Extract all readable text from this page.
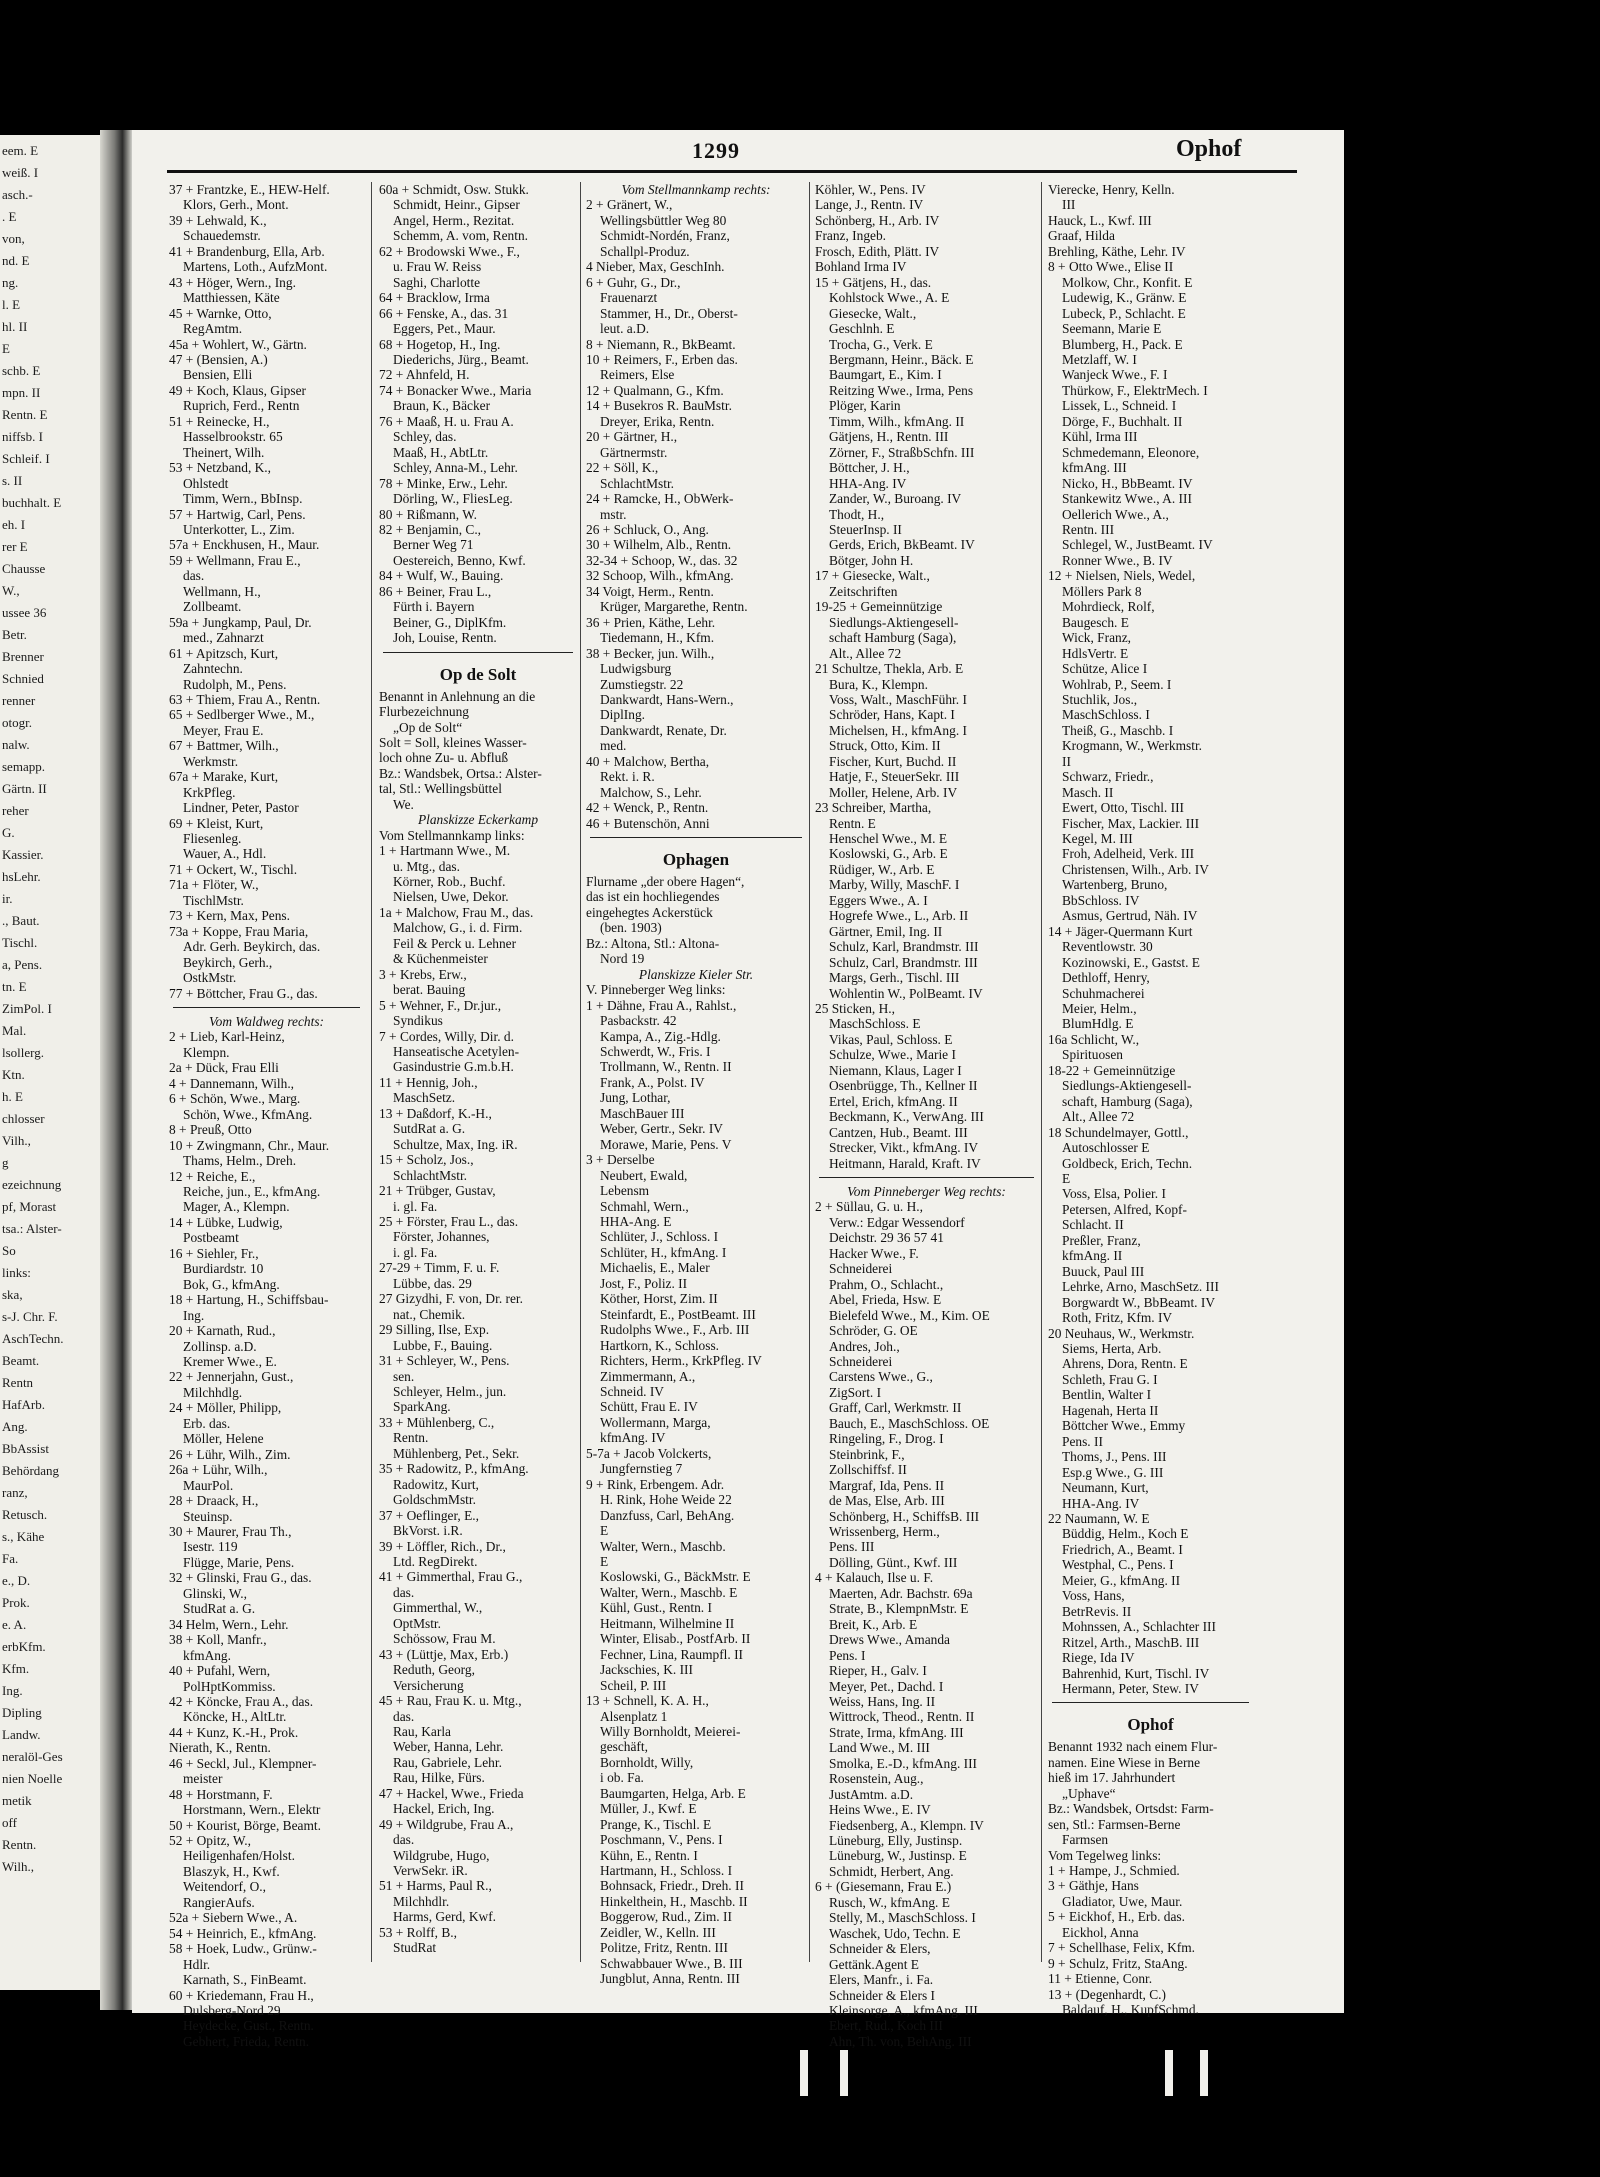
eem. E
weiß. I
asch.-
. E
von,
nd. E
ng.
l. E
hl. II
E
schb. E
mpn. II
Rentn. E
niffsb. I
Schleif. I
s. II
buchhalt. E
eh. I
rer E
Chausse
W.,
ussee 36
Betr.
Brenner
Schnied
renner
otogr.
nalw.
semapp.
Gärtn. II
reher
G.
Kassier.
hsLehr.
ir.
., Baut.
Tischl.
a, Pens.
tn. E
ZimPol. I
Mal.
lsollerg.
Ktn.
h. E
chlosser
Vilh.,
g
ezeichnung
pf, Morast
tsa.: Alster-
So
links:
ska,
s-J. Chr. F.
AschTechn.
Beamt.
Rentn
HafArb.
Ang.
BbAssist
Behördang
ranz,
Retusch.
s., Kähe
Fa.
e., D.
Prok.
e. A.
erbKfm.
Kfm.
Ing.
Dipling
Landw.
neralöl-Ges
nien Noelle
metik
off
Rentn.
Wilh.,
1299	Ophof
37 + Frantzke, E., HEW-Helf.
Klors, Gerh., Mont.
39 + Lehwald, K.,
Schauedemstr.
41 + Brandenburg, Ella, Arb.
Martens, Loth., AufzMont.
43 + Höger, Wern., Ing.
Matthiessen, Käte
45 + Warnke, Otto,
RegAmtm.
45a + Wohlert, W., Gärtn.
47 + (Bensien, A.)
Bensien, Elli
49 + Koch, Klaus, Gipser
Ruprich, Ferd., Rentn
51 + Reinecke, H.,
Hasselbrookstr. 65
Theinert, Wilh.
53 + Netzband, K.,
Ohlstedt
Timm, Wern., BbInsp.
57 + Hartwig, Carl, Pens.
Unterkotter, L., Zim.
57a + Enckhusen, H., Maur.
59 + Wellmann, Frau E.,
das.
Wellmann, H.,
Zollbeamt.
59a + Jungkamp, Paul, Dr.
med., Zahnarzt
61 + Apitzsch, Kurt,
Zahntechn.
Rudolph, M., Pens.
63 + Thiem, Frau A., Rentn.
65 + Sedlberger Wwe., M.,
Meyer, Frau E.
67 + Battmer, Wilh.,
Werkmstr.
67a + Marake, Kurt,
KrkPfleg.
Lindner, Peter, Pastor
69 + Kleist, Kurt,
Fliesenleg.
Wauer, A., Hdl.
71 + Ockert, W., Tischl.
71a + Flöter, W.,
TischlMstr.
73 + Kern, Max, Pens.
73a + Koppe, Frau Maria,
Adr. Gerh. Beykirch, das.
Beykirch, Gerh.,
OstkMstr.
77 + Böttcher, Frau G., das.
Vom Waldweg rechts:
2 + Lieb, Karl-Heinz,
Klempn.
2a + Dück, Frau Elli
4 + Dannemann, Wilh.,
6 + Schön, Wwe., Marg.
Schön, Wwe., KfmAng.
8 + Preuß, Otto
10 + Zwingmann, Chr., Maur.
Thams, Helm., Dreh.
12 + Reiche, E.,
Reiche, jun., E., kfmAng.
Mager, A., Klempn.
14 + Lübke, Ludwig,
Postbeamt
16 + Siehler, Fr.,
Burdiardstr. 10
Bok, G., kfmAng.
18 + Hartung, H., Schiffsbau-
Ing.
20 + Karnath, Rud.,
Zollinsp. a.D.
Kremer Wwe., E.
22 + Jennerjahn, Gust.,
Milchhdlg.
24 + Möller, Philipp,
Erb. das.
Möller, Helene
26 + Lühr, Wilh., Zim.
26a + Lühr, Wilh.,
MaurPol.
28 + Draack, H.,
Steuinsp.
30 + Maurer, Frau Th.,
Isestr. 119
Flügge, Marie, Pens.
32 + Glinski, Frau G., das.
Glinski, W.,
StudRat a. G.
34 Helm, Wern., Lehr.
38 + Koll, Manfr.,
kfmAng.
40 + Pufahl, Wern,
PolHptKommiss.
42 + Köncke, Frau A., das.
Köncke, H., AltLtr.
44 + Kunz, K.-H., Prok.
Nierath, K., Rentn.
46 + Seckl, Jul., Klempner-
meister
48 + Horstmann, F.
Horstmann, Wern., Elektr
50 + Kourist, Börge, Beamt.
52 + Opitz, W.,
Heiligenhafen/Holst.
Blaszyk, H., Kwf.
Weitendorf, O.,
RangierAufs.
52a + Siebern Wwe., A.
54 + Heinrich, E., kfmAng.
58 + Hoek, Ludw., Grünw.-
Hdlr.
Karnath, S., FinBeamt.
60 + Kriedemann, Frau H.,
Dulsberg-Nord 29
Heydecke, Gust., Rentn.
Gebhert, Frieda, Rentn.
60a + Schmidt, Osw. Stukk.
Schmidt, Heinr., Gipser
Angel, Herm., Rezitat.
Schemm, A. vom, Rentn.
62 + Brodowski Wwe., F.,
u. Frau W. Reiss
Saghi, Charlotte
64 + Bracklow, Irma
66 + Fenske, A., das. 31
Eggers, Pet., Maur.
68 + Hogetop, H., Ing.
Diederichs, Jürg., Beamt.
72 + Ahnfeld, H.
74 + Bonacker Wwe., Maria
Braun, K., Bäcker
76 + Maaß, H. u. Frau A.
Schley, das.
Maaß, H., AbtLtr.
Schley, Anna-M., Lehr.
78 + Minke, Erw., Lehr.
Dörling, W., FliesLeg.
80 + Rißmann, W.
82 + Benjamin, C.,
Berner Weg 71
Oestereich, Benno, Kwf.
84 + Wulf, W., Bauing.
86 + Beiner, Frau L.,
Fürth i. Bayern
Beiner, G., DiplKfm.
Joh, Louise, Rentn.
Op de Solt
Benannt in Anlehnung an die
Flurbezeichnung
„Op de Solt“
Solt = Soll, kleines Wasser-
loch ohne Zu- u. Abfluß
Bz.: Wandsbek, Ortsa.: Alster-
tal, Stl.: Wellingsbüttel
We.
Planskizze Eckerkamp
Vom Stellmannkamp links:
1 + Hartmann Wwe., M.
u. Mtg., das.
Körner, Rob., Buchf.
Nielsen, Uwe, Dekor.
1a + Malchow, Frau M., das.
Malchow, G., i. d. Firm.
Feil & Perck u. Lehner
& Küchenmeister
3 + Krebs, Erw.,
berat. Bauing
5 + Wehner, F., Dr.jur.,
Syndikus
7 + Cordes, Willy, Dir. d.
Hanseatische Acetylen-
Gasindustrie G.m.b.H.
11 + Hennig, Joh.,
MaschSetz.
13 + Daßdorf, K.-H.,
SutdRat a. G.
Schultze, Max, Ing. iR.
15 + Scholz, Jos.,
SchlachtMstr.
21 + Trübger, Gustav,
i. gl. Fa.
25 + Förster, Frau L., das.
Förster, Johannes,
i. gl. Fa.
27-29 + Timm, F. u. F.
Lübbe, das. 29
27 Gizydhi, F. von, Dr. rer.
nat., Chemik.
29 Silling, Ilse, Exp.
Lubbe, F., Bauing.
31 + Schleyer, W., Pens.
sen.
Schleyer, Helm., jun.
SparkAng.
33 + Mühlenberg, C.,
Rentn.
Mühlenberg, Pet., Sekr.
35 + Radowitz, P., kfmAng.
Radowitz, Kurt,
GoldschmMstr.
37 + Oeflinger, E.,
BkVorst. i.R.
39 + Löffler, Rich., Dr.,
Ltd. RegDirekt.
41 + Gimmerthal, Frau G.,
das.
Gimmerthal, W.,
OptMstr.
Schössow, Frau M.
43 + (Lüttje, Max, Erb.)
Reduth, Georg,
Versicherung
45 + Rau, Frau K. u. Mtg.,
das.
Rau, Karla
Weber, Hanna, Lehr.
Rau, Gabriele, Lehr.
Rau, Hilke, Fürs.
47 + Hackel, Wwe., Frieda
Hackel, Erich, Ing.
49 + Wildgrube, Frau A.,
das.
Wildgrube, Hugo,
VerwSekr. iR.
51 + Harms, Paul R.,
Milchhdlr.
Harms, Gerd, Kwf.
53 + Rolff, B.,
StudRat
Vom Stellmannkamp rechts:
2 + Gränert, W.,
Wellingsbüttler Weg 80
Schmidt-Nordén, Franz,
Schallpl-Produz.
4 Nieber, Max, GeschInh.
6 + Guhr, G., Dr.,
Frauenarzt
Stammer, H., Dr., Oberst-
leut. a.D.
8 + Niemann, R., BkBeamt.
10 + Reimers, F., Erben das.
Reimers, Else
12 + Qualmann, G., Kfm.
14 + Busekros R. BauMstr.
Dreyer, Erika, Rentn.
20 + Gärtner, H.,
Gärtnermstr.
22 + Söll, K.,
SchlachtMstr.
24 + Ramcke, H., ObWerk-
mstr.
26 + Schluck, O., Ang.
30 + Wilhelm, Alb., Rentn.
32-34 + Schoop, W., das. 32
32 Schoop, Wilh., kfmAng.
34 Voigt, Herm., Rentn.
Krüger, Margarethe, Rentn.
36 + Prien, Käthe, Lehr.
Tiedemann, H., Kfm.
38 + Becker, jun. Wilh.,
Ludwigsburg
Zumstiegstr. 22
Dankwardt, Hans-Wern.,
DiplIng.
Dankwardt, Renate, Dr.
med.
40 + Malchow, Bertha,
Rekt. i. R.
Malchow, S., Lehr.
42 + Wenck, P., Rentn.
46 + Butenschön, Anni
Ophagen
Flurname „der obere Hagen“,
das ist ein hochliegendes
eingehegtes Ackerstück
(ben. 1903)
Bz.: Altona, Stl.: Altona-
Nord 19
Planskizze Kieler Str.
V. Pinneberger Weg links:
1 + Dähne, Frau A., Rahlst.,
Pasbackstr. 42
Kampa, A., Zig.-Hdlg.
Schwerdt, W., Fris. I
Trollmann, W., Rentn. II
Frank, A., Polst. IV
Jung, Lothar,
MaschBauer III
Weber, Gertr., Sekr. IV
Morawe, Marie, Pens. V
3 + Derselbe
Neubert, Ewald,
Lebensm
Schmahl, Wern.,
HHA-Ang. E
Schlüter, J., Schloss. I
Schlüter, H., kfmAng. I
Michaelis, E., Maler
Jost, F., Poliz. II
Köther, Horst, Zim. II
Steinfardt, E., PostBeamt. III
Rudolphs Wwe., F., Arb. III
Hartkorn, K., Schloss.
Richters, Herm., KrkPfleg. IV
Zimmermann, A.,
Schneid. IV
Schütt, Frau E. IV
Wollermann, Marga,
kfmAng. IV
5-7a + Jacob Volckerts,
Jungfernstieg 7
9 + Rink, Erbengem. Adr.
H. Rink, Hohe Weide 22
Danzfuss, Carl, BehAng.
E
Walter, Wern., Maschb.
E
Koslowski, G., BäckMstr. E
Walter, Wern., Maschb. E
Kühl, Gust., Rentn. I
Heitmann, Wilhelmine II
Winter, Elisab., PostfArb. II
Fechner, Lina, Raumpfl. II
Jackschies, K. III
Scheil, P. III
13 + Schnell, K. A. H.,
Alsenplatz 1
Willy Bornholdt, Meierei-
geschäft,
Bornholdt, Willy,
i ob. Fa.
Baumgarten, Helga, Arb. E
Müller, J., Kwf. E
Prange, K., Tischl. E
Poschmann, V., Pens. I
Kühn, E., Rentn. I
Hartmann, H., Schloss. I
Bohnsack, Friedr., Dreh. II
Hinkelthein, H., Maschb. II
Boggerow, Rud., Zim. II
Zeidler, W., Kelln. III
Politze, Fritz, Rentn. III
Schwabbauer Wwe., B. III
Jungblut, Anna, Rentn. III
Köhler, W., Pens. IV
Lange, J., Rentn. IV
Schönberg, H., Arb. IV
Franz, Ingeb.
Frosch, Edith, Plätt. IV
Bohland Irma IV
15 + Gätjens, H., das.
Kohlstock Wwe., A. E
Giesecke, Walt.,
Geschlnh. E
Trocha, G., Verk. E
Bergmann, Heinr., Bäck. E
Baumgart, E., Kim. I
Reitzing Wwe., Irma, Pens
Plöger, Karin
Timm, Wilh., kfmAng. II
Gätjens, H., Rentn. III
Zörner, F., StraßbSchfn. III
Böttcher, J. H.,
HHA-Ang. IV
Zander, W., Buroang. IV
Thodt, H.,
SteuerInsp. II
Gerds, Erich, BkBeamt. IV
Bötger, John H.
17 + Giesecke, Walt.,
Zeitschriften
19-25 + Gemeinnützige
Siedlungs-Aktiengesell-
schaft Hamburg (Saga),
Alt., Allee 72
21 Schultze, Thekla, Arb. E
Bura, K., Klempn.
Voss, Walt., MaschFühr. I
Schröder, Hans, Kapt. I
Michelsen, H., kfmAng. I
Struck, Otto, Kim. II
Fischer, Kurt, Buchd. II
Hatje, F., SteuerSekr. III
Moller, Helene, Arb. IV
23 Schreiber, Martha,
Rentn. E
Henschel Wwe., M. E
Koslowski, G., Arb. E
Rüdiger, W., Arb. E
Marby, Willy, MaschF. I
Eggers Wwe., A. I
Hogrefe Wwe., L., Arb. II
Gärtner, Emil, Ing. II
Schulz, Karl, Brandmstr. III
Schulz, Carl, Brandmstr. III
Margs, Gerh., Tischl. III
Wohlentin W., PolBeamt. IV
25 Sticken, H.,
MaschSchloss. E
Vikas, Paul, Schloss. E
Schulze, Wwe., Marie I
Niemann, Klaus, Lager I
Osenbrügge, Th., Kellner II
Ertel, Erich, kfmAng. II
Beckmann, K., VerwAng. III
Cantzen, Hub., Beamt. III
Strecker, Vikt., kfmAng. IV
Heitmann, Harald, Kraft. IV
Vom Pinneberger Weg rechts:
2 + Süllau, G. u. H.,
Verw.: Edgar Wessendorf
Deichstr. 29 36 57 41
Hacker Wwe., F.
Schneiderei
Prahm, O., Schlacht.,
Abel, Frieda, Hsw. E
Bielefeld Wwe., M., Kim. OE
Schröder, G. OE
Andres, Joh.,
Schneiderei
Carstens Wwe., G.,
ZigSort. I
Graff, Carl, Werkmstr. II
Bauch, E., MaschSchloss. OE
Ringeling, F., Drog. I
Steinbrink, F.,
Zollschiffsf. II
Margraf, Ida, Pens. II
de Mas, Else, Arb. III
Schönberg, H., SchiffsB. III
Wrissenberg, Herm.,
Pens. III
Dölling, Günt., Kwf. III
4 + Kalauch, Ilse u. F.
Maerten, Adr. Bachstr. 69a
Strate, B., KlempnMstr. E
Breit, K., Arb. E
Drews Wwe., Amanda
Pens. I
Rieper, H., Galv. I
Meyer, Pet., Dachd. I
Weiss, Hans, Ing. II
Wittrock, Theod., Rentn. II
Strate, Irma, kfmAng. III
Land Wwe., M. III
Smolka, E.-D., kfmAng. III
Rosenstein, Aug.,
JustAmtm. a.D.
Heins Wwe., E. IV
Fiedsenberg, A., Klempn. IV
Lüneburg, Elly, Justinsp.
Lüneburg, W., Justinsp. E
Schmidt, Herbert, Ang.
6 + (Giesemann, Frau E.)
Rusch, W., kfmAng. E
Stelly, M., MaschSchloss. I
Waschek, Udo, Techn. E
Schneider & Elers,
Gettänk.Agent E
Elers, Manfr., i. Fa.
Schneider & Elers I
Kleinsorge, A., kfmAng. III
Ebert, Rud., Koch III
Ahn, Th. von, BehAng. III
Vierecke, Henry, Kelln.
III
Hauck, L., Kwf. III
Graaf, Hilda
Brehling, Käthe, Lehr. IV
8 + Otto Wwe., Elise II
Molkow, Chr., Konfit. E
Ludewig, K., Gränw. E
Lubeck, P., Schlacht. E
Seemann, Marie E
Blumberg, H., Pack. E
Metzlaff, W. I
Wanjeck Wwe., F. I
Thürkow, F., ElektrMech. I
Lissek, L., Schneid. I
Dörge, F., Buchhalt. II
Kühl, Irma III
Schmedemann, Eleonore,
kfmAng. III
Nicko, H., BbBeamt. IV
Stankewitz Wwe., A. III
Oellerich Wwe., A.,
Rentn. III
Schlegel, W., JustBeamt. IV
Ronner Wwe., B. IV
12 + Nielsen, Niels, Wedel,
Möllers Park 8
Mohrdieck, Rolf,
Baugesch. E
Wick, Franz,
HdlsVertr. E
Schütze, Alice I
Wohlrab, P., Seem. I
Stuchlik, Jos.,
MaschSchloss. I
Theiß, G., Maschb. I
Krogmann, W., Werkmstr.
II
Schwarz, Friedr.,
Masch. II
Ewert, Otto, Tischl. III
Fischer, Max, Lackier. III
Kegel, M. III
Froh, Adelheid, Verk. III
Christensen, Wilh., Arb. IV
Wartenberg, Bruno,
BbSchloss. IV
Asmus, Gertrud, Näh. IV
14 + Jäger-Quermann Kurt
Reventlowstr. 30
Kozinowski, E., Gastst. E
Dethloff, Henry,
Schuhmacherei
Meier, Helm.,
BlumHdlg. E
16a Schlicht, W.,
Spirituosen
18-22 + Gemeinnützige
Siedlungs-Aktiengesell-
schaft, Hamburg (Saga),
Alt., Allee 72
18 Schundelmayer, Gottl.,
Autoschlosser E
Goldbeck, Erich, Techn.
E
Voss, Elsa, Polier. I
Petersen, Alfred, Kopf-
Schlacht. II
Preßler, Franz,
kfmAng. II
Buuck, Paul III
Lehrke, Arno, MaschSetz. III
Borgwardt W., BbBeamt. IV
Roth, Fritz, Kfm. IV
20 Neuhaus, W., Werkmstr.
Siems, Herta, Arb.
Ahrens, Dora, Rentn. E
Schleth, Frau G. I
Bentlin, Walter I
Hagenah, Herta II
Böttcher Wwe., Emmy
Pens. II
Thoms, J., Pens. III
Esp.g Wwe., G. III
Neumann, Kurt,
HHA-Ang. IV
22 Naumann, W. E
Büddig, Helm., Koch E
Friedrich, A., Beamt. I
Westphal, C., Pens. I
Meier, G., kfmAng. II
Voss, Hans,
BetrRevis. II
Mohnssen, A., Schlachter III
Ritzel, Arth., MaschB. III
Riege, Ida IV
Bahrenhid, Kurt, Tischl. IV
Hermann, Peter, Stew. IV
Ophof
Benannt 1932 nach einem Flur-
namen. Eine Wiese in Berne
hieß im 17. Jahrhundert
„Uphave“
Bz.: Wandsbek, Ortsdst: Farm-
sen, Stl.: Farmsen-Berne
Farmsen
Vom Tegelweg links:
1 + Hampe, J., Schmied.
3 + Gäthje, Hans
Gladiator, Uwe, Maur.
5 + Eickhof, H., Erb. das.
Eickhol, Anna
7 + Schellhase, Felix, Kfm.
9 + Schulz, Fritz, StaAng.
11 + Etienne, Conr.
13 + (Degenhardt, C.)
Baldauf, H., KupfSchmd.
